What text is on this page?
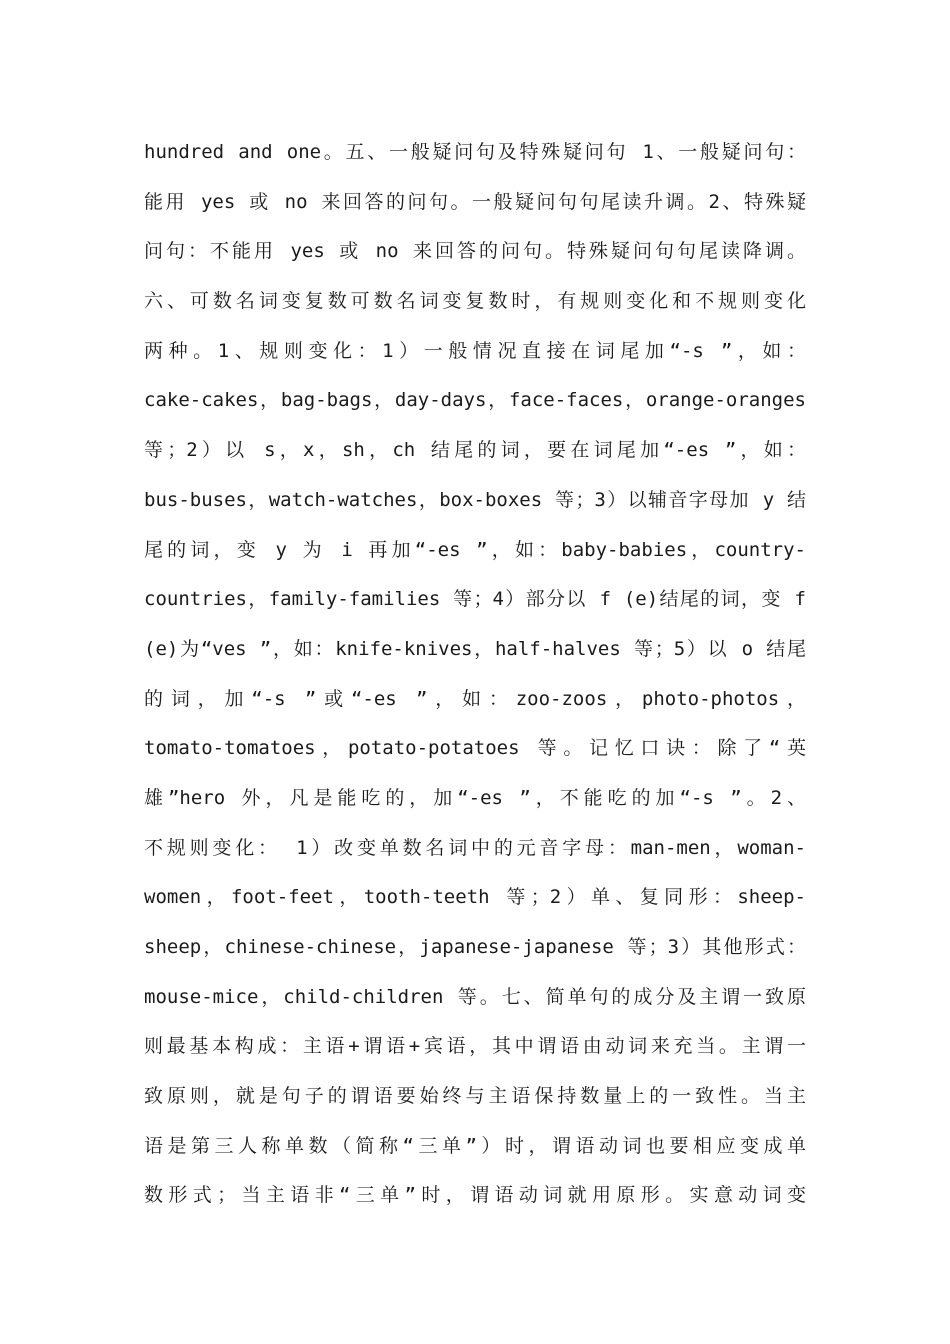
hundred and one。五、一般疑问句及特殊疑问句 1、一般疑问句：
能用 yes 或 no 来回答的问句。一般疑问句句尾读升调。2、特殊疑
问句：不能用 yes 或 no 来回答的问句。特殊疑问句句尾读降调。
六、可数名词变复数可数名词变复数时，有规则变化和不规则变化
两种。1、规则变化：1）一般情况直接在词尾加“-s ”，如：
cake-cakes，bag-bags，day-days，face-faces，orange-oranges
等；2）以 s，x，sh，ch 结尾的词，要在词尾加“-es ”，如：
bus-buses，watch-watches，box-boxes 等；3）以辅音字母加 y 结
尾的词，变 y 为 i 再加“-es ”，如：baby-babies，country-
countries，family-families 等；4）部分以 f (e)结尾的词，变 f
(e)为“ves ”，如：knife-knives，half-halves 等；5）以 o 结尾
的词，加“-s ”或“-es ”，如：zoo-zoos，photo-photos，
tomato-tomatoes，potato-potatoes 等。记忆口诀：除了“英
雄”hero 外，凡是能吃的，加“-es ”，不能吃的加“-s ”。2、
不规则变化： 1）改变单数名词中的元音字母：man-men，woman-
women，foot-feet，tooth-teeth 等；2）单、复同形：sheep-
sheep，chinese-chinese，japanese-japanese 等；3）其他形式：
mouse-mice，child-children 等。七、简单句的成分及主谓一致原
则最基本构成：主语+谓语+宾语，其中谓语由动词来充当。主谓一
致原则，就是句子的谓语要始终与主语保持数量上的一致性。当主
语是第三人称单数（简称“三单”）时，谓语动词也要相应变成单
数形式；当主语非“三单”时，谓语动词就用原形。实意动词变
